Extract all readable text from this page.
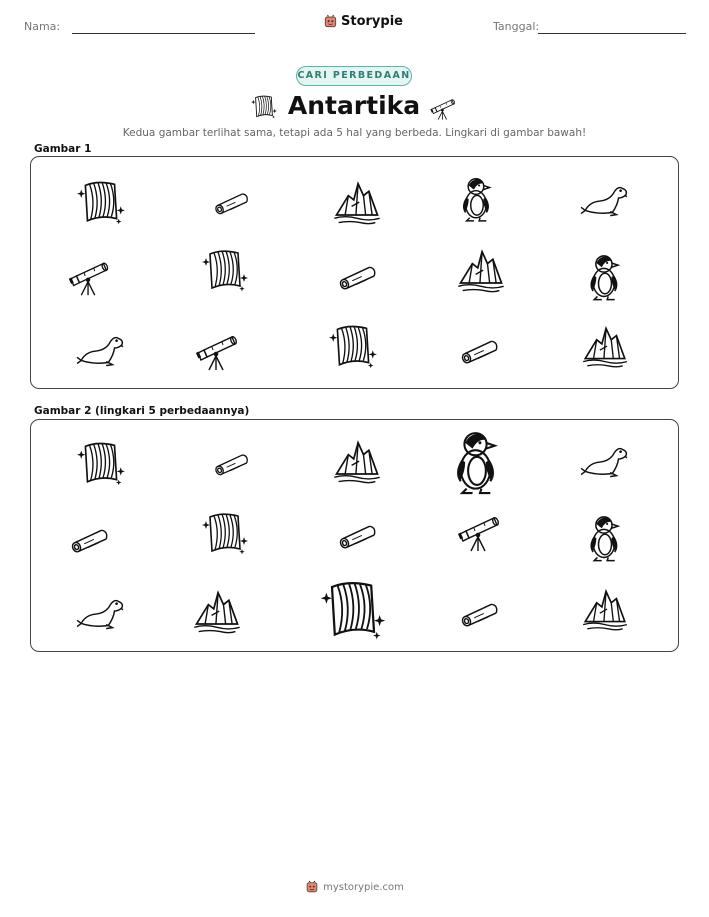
Nama:	Storypie	Tanggal:
CARI PERBEDAAN
Antartika
Kedua gambar terlihat sama, tetapi ada 5 hal yang berbeda. Lingkari di gambar bawah!
Gambar 1
Gambar 2 (lingkari 5 perbedaannya)
mystorypie.com
